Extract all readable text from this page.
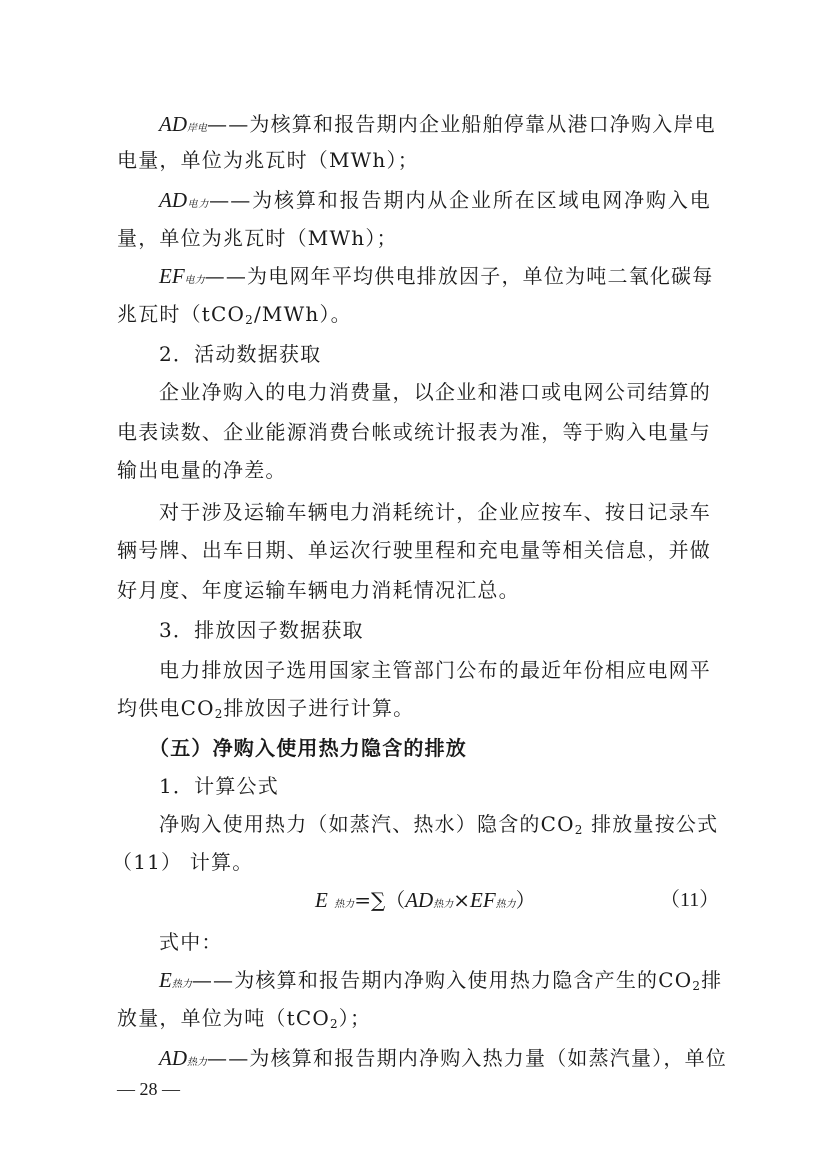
AD岸电——为核算和报告期内企业船舶停靠从港口净购入岸电
电量，单位为兆瓦时（MWh）；
AD电力——为核算和报告期内从企业所在区域电网净购入电
量，单位为兆瓦时（MWh）；
EF电力——为电网年平均供电排放因子，单位为吨二氧化碳每
兆瓦时（tCO$_2$/MWh）。
2．活动数据获取
企业净购入的电力消费量，以企业和港口或电网公司结算的
电表读数、企业能源消费台帐或统计报表为准，等于购入电量与
输出电量的净差。
对于涉及运输车辆电力消耗统计，企业应按车、按日记录车
辆号牌、出车日期、单运次行驶里程和充电量等相关信息，并做
好月度、年度运输车辆电力消耗情况汇总。
3．排放因子数据获取
电力排放因子选用国家主管部门公布的最近年份相应电网平
均供电$CO_2$排放因子进行计算。
（五）净购入使用热力隐含的排放
1．计算公式
净购入使用热力（如蒸汽、热水）隐含的$CO_2$ 排放量按公式
（11） 计算。
E 热力=∑（AD热力×EF热力）	（11）
式中：
E热力——为核算和报告期内净购入使用热力隐含产生的$CO_2$排
放量，单位为吨（tCO$_2$）；
AD热力——为核算和报告期内净购入热力量（如蒸汽量），单位
— 28 —
